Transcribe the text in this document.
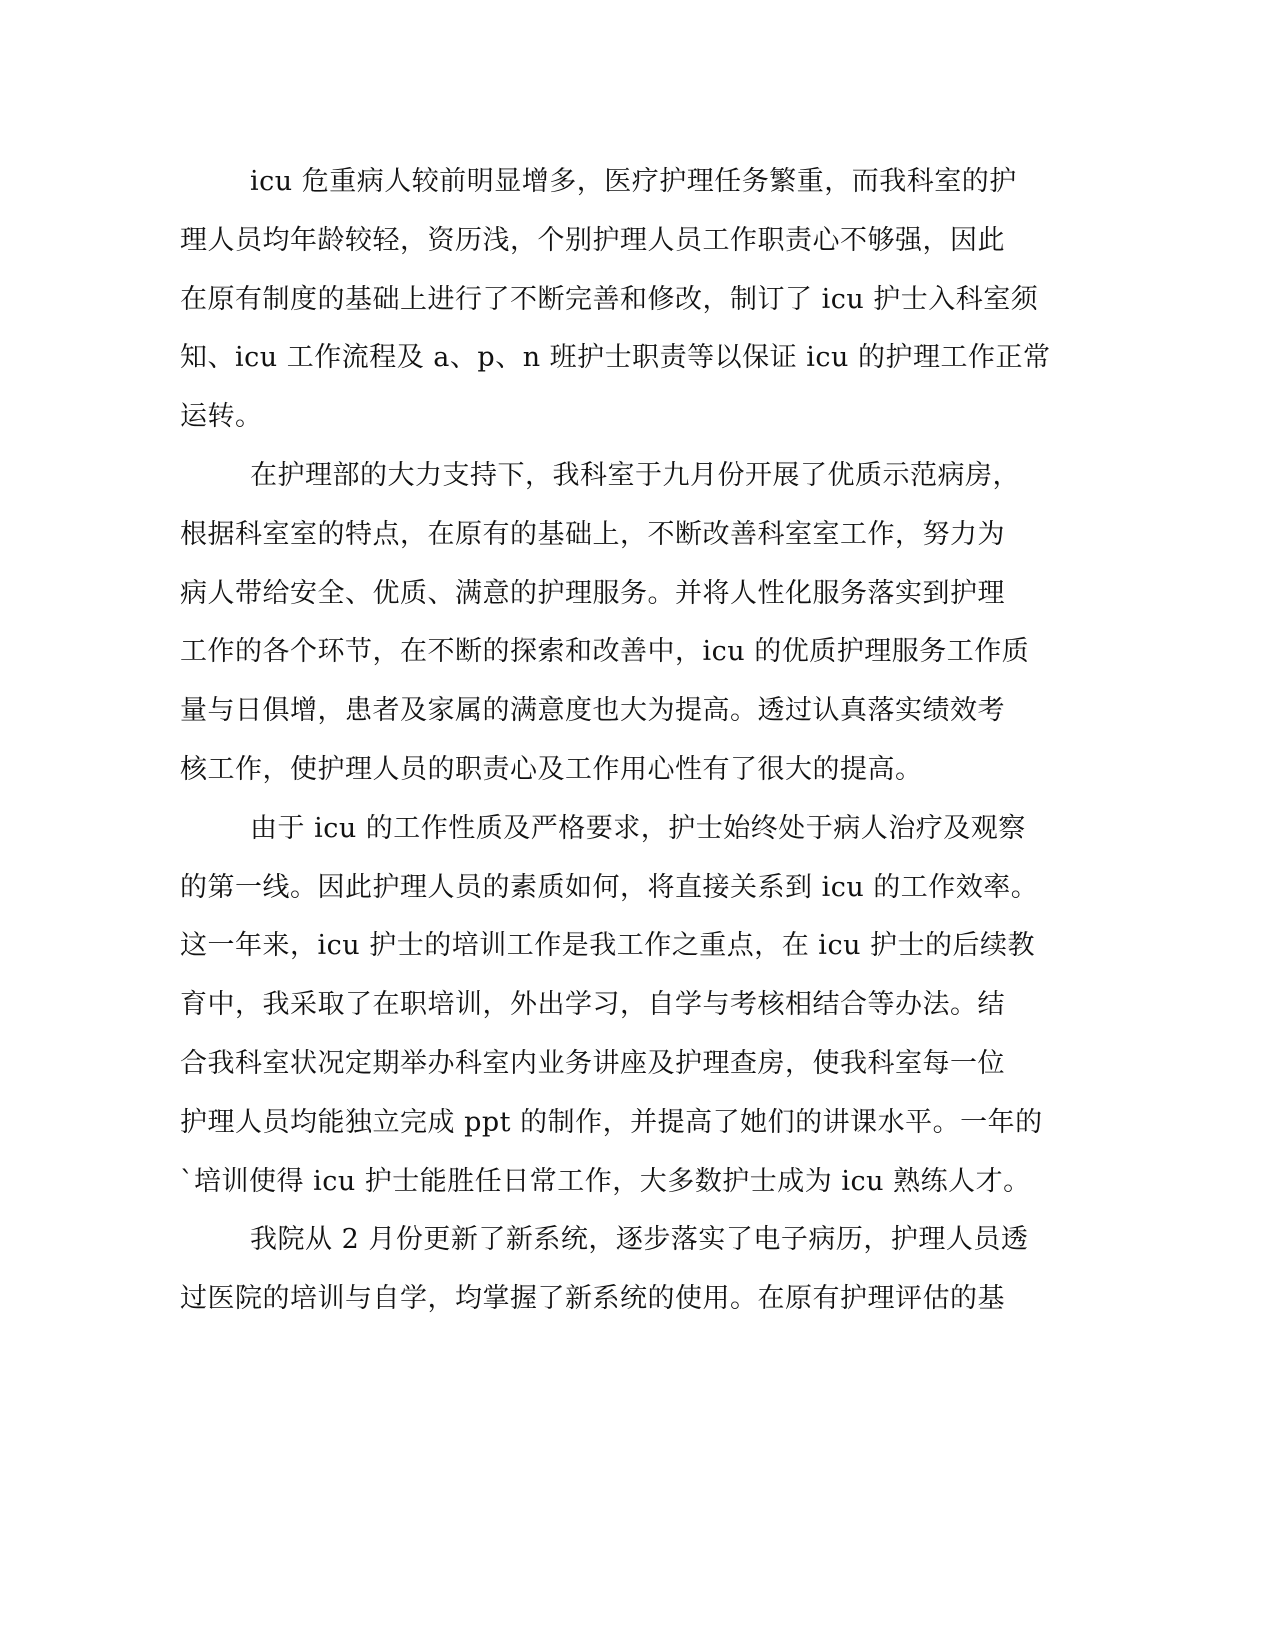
icu 危重病人较前明显增多，医疗护理任务繁重，而我科室的护
理人员均年龄较轻，资历浅，个别护理人员工作职责心不够强，因此
在原有制度的基础上进行了不断完善和修改，制订了 icu 护士入科室须
知、icu 工作流程及 a、p、n 班护士职责等以保证 icu 的护理工作正常
运转。
在护理部的大力支持下，我科室于九月份开展了优质示范病房，
根据科室室的特点，在原有的基础上，不断改善科室室工作，努力为
病人带给安全、优质、满意的护理服务。并将人性化服务落实到护理
工作的各个环节，在不断的探索和改善中，icu 的优质护理服务工作质
量与日俱增，患者及家属的满意度也大为提高。透过认真落实绩效考
核工作，使护理人员的职责心及工作用心性有了很大的提高。
由于 icu 的工作性质及严格要求，护士始终处于病人治疗及观察
的第一线。因此护理人员的素质如何，将直接关系到 icu 的工作效率。
这一年来，icu 护士的培训工作是我工作之重点，在 icu 护士的后续教
育中，我采取了在职培训，外出学习，自学与考核相结合等办法。结
合我科室状况定期举办科室内业务讲座及护理查房，使我科室每一位
护理人员均能独立完成 ppt 的制作，并提高了她们的讲课水平。一年的
`培训使得 icu 护士能胜任日常工作，大多数护士成为 icu 熟练人才。
我院从 2 月份更新了新系统，逐步落实了电子病历，护理人员透
过医院的培训与自学，均掌握了新系统的使用。在原有护理评估的基
